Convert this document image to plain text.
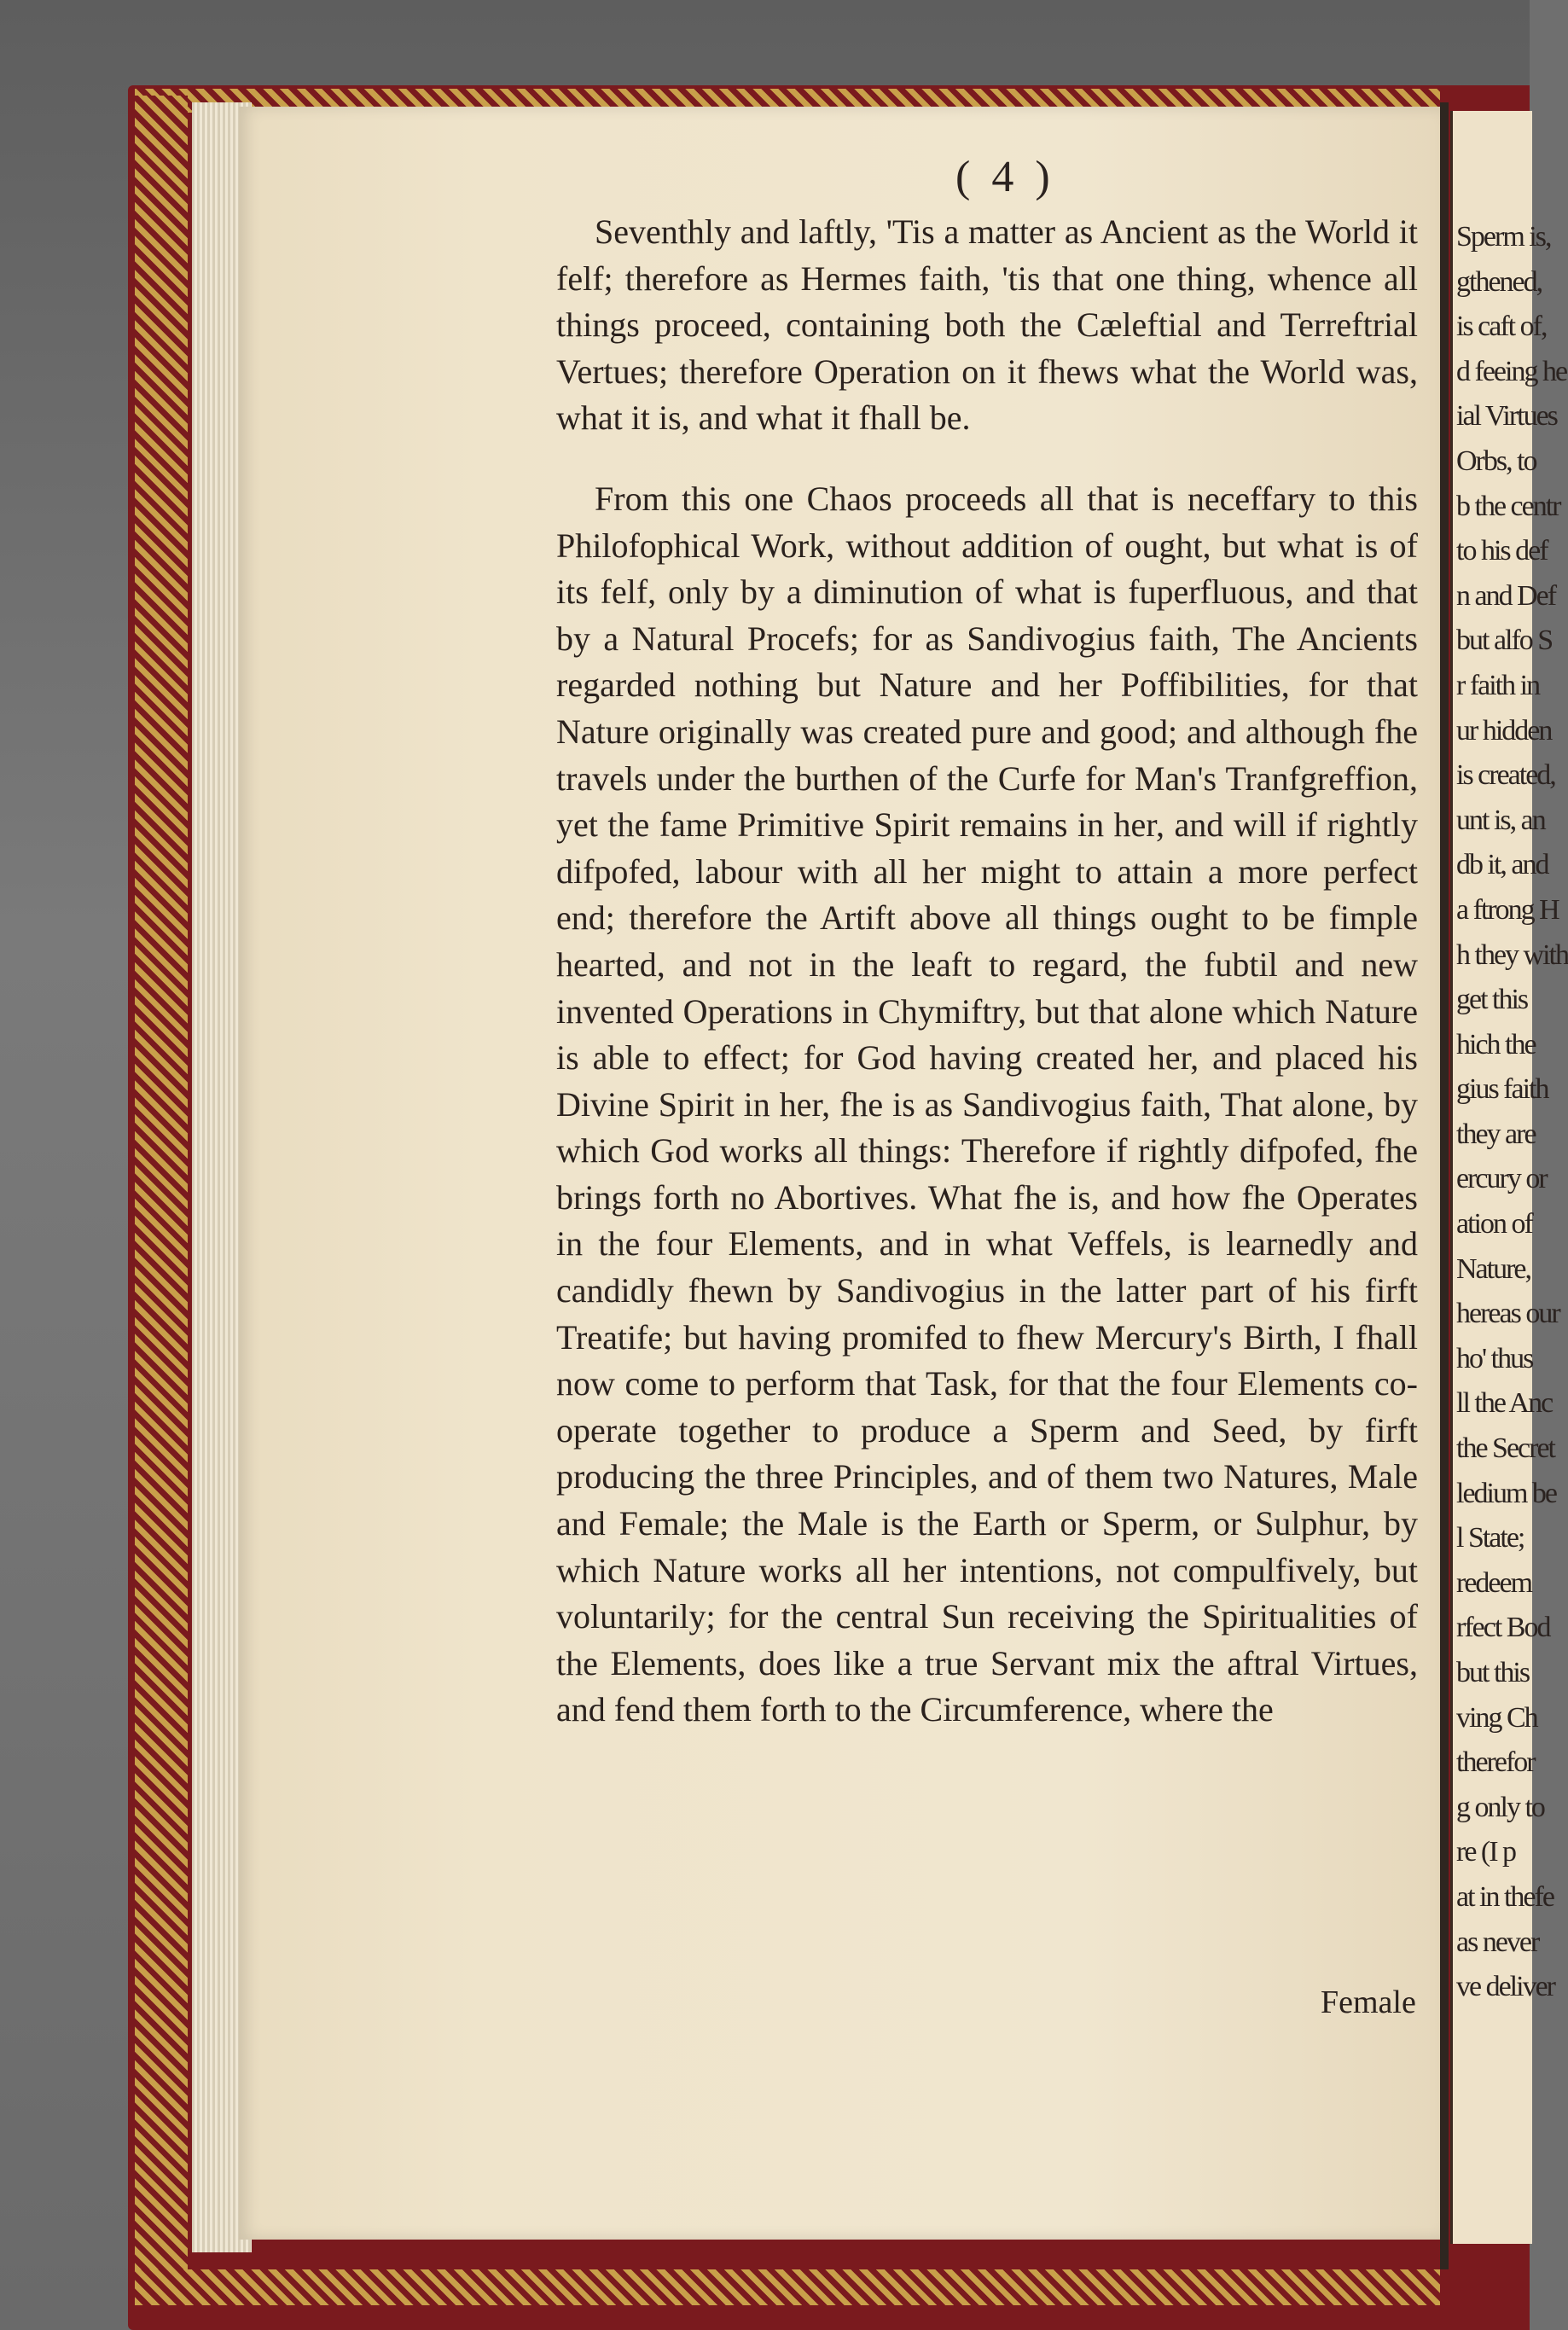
( 4 )

Seventhly and laftly, 'Tis a matter as Ancient as the World it felf; therefore as Hermes faith, 'tis that one thing, whence all things proceed, containing both the Cæleftial and Terreftrial Vertues; therefore Operation on it fhews what the World was, what it is, and what it fhall be.

From this one Chaos proceeds all that is neceffary to this Philofophical Work, without addition of ought, but what is of its felf, only by a diminution of what is fuperfluous, and that by a Natural Procefs; for as Sandivogius faith, The Ancients regarded nothing but Nature and her Poffibilities, for that Nature originally was created pure and good; and although fhe travels under the burthen of the Curfe for Man's Tranfgreffion, yet the fame Primitive Spirit remains in her, and will if rightly difpofed, labour with all her might to attain a more perfect end; therefore the Artift above all things ought to be fimple hearted, and not in the leaft to regard, the fubtil and new invented Operations in Chymiftry, but that alone which Nature is able to effect; for God having created her, and placed his Divine Spirit in her, fhe is as Sandivogius faith, That alone, by which God works all things: Therefore if rightly difpofed, fhe brings forth no Abortives. What fhe is, and how fhe Operates in the four Elements, and in what Veffels, is learnedly and candidly fhewn by Sandivogius in the latter part of his firft Treatife; but having promifed to fhew Mercury's Birth, I fhall now come to perform that Task, for that the four Elements co-operate together to produce a Sperm and Seed, by firft producing the three Principles, and of them two Natures, Male and Female; the Male is the Earth or Sperm, or Sulphur, by which Nature works all her intentions, not compulfively, but voluntarily; for the central Sun receiving the Spiritualities of the Elements, does like a true Servant mix the aftral Virtues, and fend them forth to the Circumference, where the

Female
Sperm is,
gthened,
is caft of,
d feeing he
ial Virtues
Orbs, to
b the centr
to his def
n and Def
but alfo S
r faith in
ur hidden
is created,
unt is, an
db it, and
a ftrong H
h they with
get this
hich the
gius faith
they are
ercury or
ation of
Nature,
hereas our
ho' thus
ll the Anc
the Secret
ledium be
l State;
redeem
rfect Bod
but this
ving Ch
therefor
g only to
re (I p
at in thefe
as never
ve deliver
